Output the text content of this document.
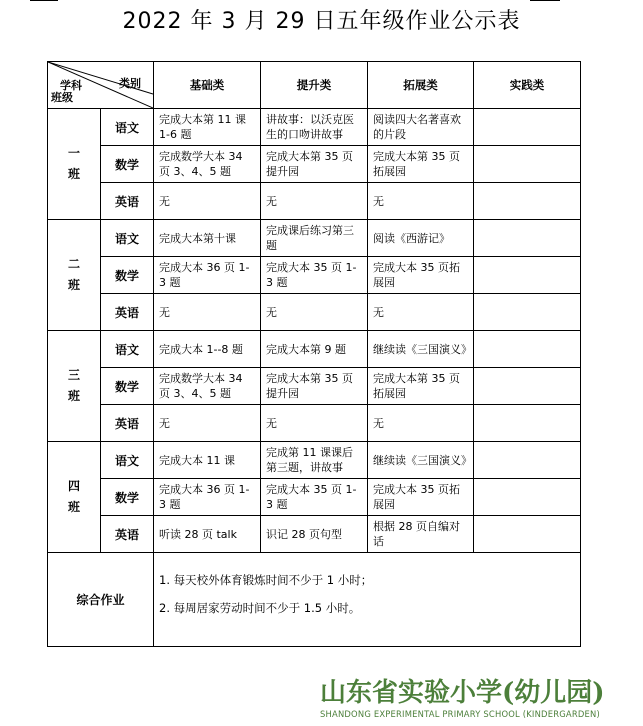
2022 年 3 月 29 日五年级作业公示表
学科 类别
班级		基础类	提升类	拓展类	实践类

一
班	语文	完成大本第 11 课 1-6 题	讲故事：以沃克医生的口吻讲故事	阅读四大名著喜欢的片段	
	数学	完成数学大本 34 页 3、4、5 题	完成大本第 35 页提升园	完成大本第 35 页拓展园	
	英语	无	无	无	

二
班	语文	完成大本第十课	完成课后练习第三题	阅读《西游记》	
	数学	完成大本 36 页 1-3 题	完成大本 35 页 1-3 题	完成大本 35 页拓展园	
	英语	无	无	无	

三
班	语文	完成大本 1--8 题	完成大本第 9 题	继续读《三国演义》	
	数学	完成数学大本 34 页 3、4、5 题	完成大本第 35 页提升园	完成大本第 35 页拓展园	
	英语	无	无	无	

四
班	语文	完成大本 11 课	完成第 11 课课后第三题，讲故事	继续读《三国演义》	
	数学	完成大本 36 页 1-3 题	完成大本 35 页 1-3 题	完成大本 35 页拓展园	
	英语	听读 28 页 talk	识记 28 页句型	根据 28 页自编对话	
综合作业		1. 每天校外体育锻炼时间不少于 1 小时；
2. 每周居家劳动时间不少于 1.5 小时。			
山东省实验小学(幼儿园)
SHANDONG EXPERIMENTAL PRIMARY SCHOOL (KINDERGARDEN)
